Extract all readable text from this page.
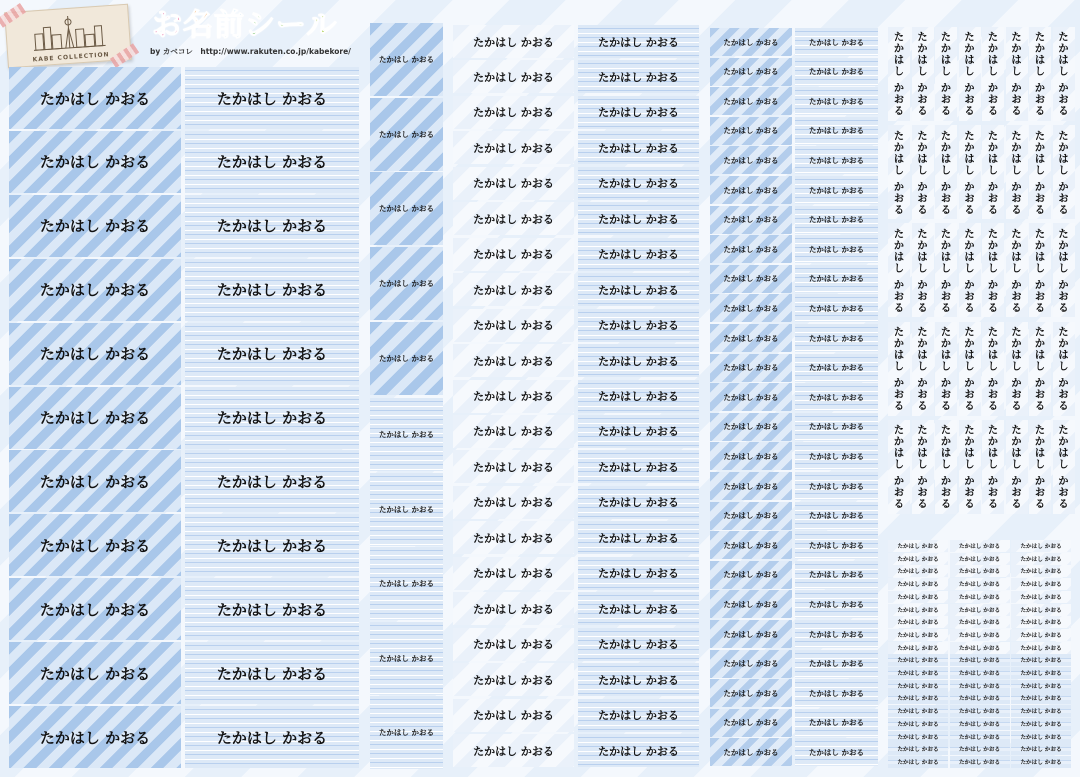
KABE COLLECTION
お名前シール
by カベコレ　http://www.rakuten.co.jp/kabekore/
たかはし かおる	たかはし かおる
たかはし かおる	たかはし かおる
たかはし かおる	たかはし かおる
たかはし かおる	たかはし かおる
たかはし かおる	たかはし かおる
たかはし かおる	たかはし かおる
たかはし かおる	たかはし かおる
たかはし かおる	たかはし かおる
たかはし かおる	たかはし かおる
たかはし かおる	たかはし かおる
たかはし かおる	たかはし かおる
たかはし かおる
たかはし かおる
たかはし かおる
たかはし かおる
たかはし かおる
たかはし かおる
たかはし かおる
たかはし かおる
たかはし かおる
たかはし かおる
たかはし かおる	たかはし かおる
たかはし かおる	たかはし かおる
たかはし かおる	たかはし かおる
たかはし かおる	たかはし かおる
たかはし かおる	たかはし かおる
たかはし かおる	たかはし かおる
たかはし かおる	たかはし かおる
たかはし かおる	たかはし かおる
たかはし かおる	たかはし かおる
たかはし かおる	たかはし かおる
たかはし かおる	たかはし かおる
たかはし かおる	たかはし かおる
たかはし かおる	たかはし かおる
たかはし かおる	たかはし かおる
たかはし かおる	たかはし かおる
たかはし かおる	たかはし かおる
たかはし かおる	たかはし かおる
たかはし かおる	たかはし かおる
たかはし かおる	たかはし かおる
たかはし かおる	たかはし かおる
たかはし かおる	たかはし かおる
たかはし かおる	たかはし かおる
たかはし かおる	たかはし かおる
たかはし かおる	たかはし かおる
たかはし かおる	たかはし かおる
たかはし かおる	たかはし かおる
たかはし かおる	たかはし かおる
たかはし かおる	たかはし かおる
たかはし かおる	たかはし かおる
たかはし かおる	たかはし かおる
たかはし かおる	たかはし かおる
たかはし かおる	たかはし かおる
たかはし かおる	たかはし かおる
たかはし かおる	たかはし かおる
たかはし かおる	たかはし かおる
たかはし かおる	たかはし かおる
たかはし かおる	たかはし かおる
たかはし かおる	たかはし かおる
たかはし かおる	たかはし かおる
たかはし かおる	たかはし かおる
たかはし かおる	たかはし かおる
たかはし かおる	たかはし かおる
たかはし かおる	たかはし かおる
たかはし かおる	たかはし かおる
たかはし かおる	たかはし かおる
たかはし かおる	たかはし かおる
たかはし かおる	たかはし かおる	たかはし かおる	たかはし かおる	たかはし かおる	たかはし かおる	たかはし かおる	たかはし かおる
たかはし かおる	たかはし かおる	たかはし かおる	たかはし かおる	たかはし かおる	たかはし かおる	たかはし かおる	たかはし かおる
たかはし かおる	たかはし かおる	たかはし かおる	たかはし かおる	たかはし かおる	たかはし かおる	たかはし かおる	たかはし かおる
たかはし かおる	たかはし かおる	たかはし かおる	たかはし かおる	たかはし かおる	たかはし かおる	たかはし かおる	たかはし かおる
たかはし かおる	たかはし かおる	たかはし かおる	たかはし かおる	たかはし かおる	たかはし かおる	たかはし かおる	たかはし かおる
たかはし かおる	たかはし かおる	たかはし かおる
たかはし かおる	たかはし かおる	たかはし かおる
たかはし かおる	たかはし かおる	たかはし かおる
たかはし かおる	たかはし かおる	たかはし かおる
たかはし かおる	たかはし かおる	たかはし かおる
たかはし かおる	たかはし かおる	たかはし かおる
たかはし かおる	たかはし かおる	たかはし かおる
たかはし かおる	たかはし かおる	たかはし かおる
たかはし かおる	たかはし かおる	たかはし かおる
たかはし かおる	たかはし かおる	たかはし かおる
たかはし かおる	たかはし かおる	たかはし かおる
たかはし かおる	たかはし かおる	たかはし かおる
たかはし かおる	たかはし かおる	たかはし かおる
たかはし かおる	たかはし かおる	たかはし かおる
たかはし かおる	たかはし かおる	たかはし かおる
たかはし かおる	たかはし かおる	たかはし かおる
たかはし かおる	たかはし かおる	たかはし かおる
たかはし かおる	たかはし かおる	たかはし かおる
